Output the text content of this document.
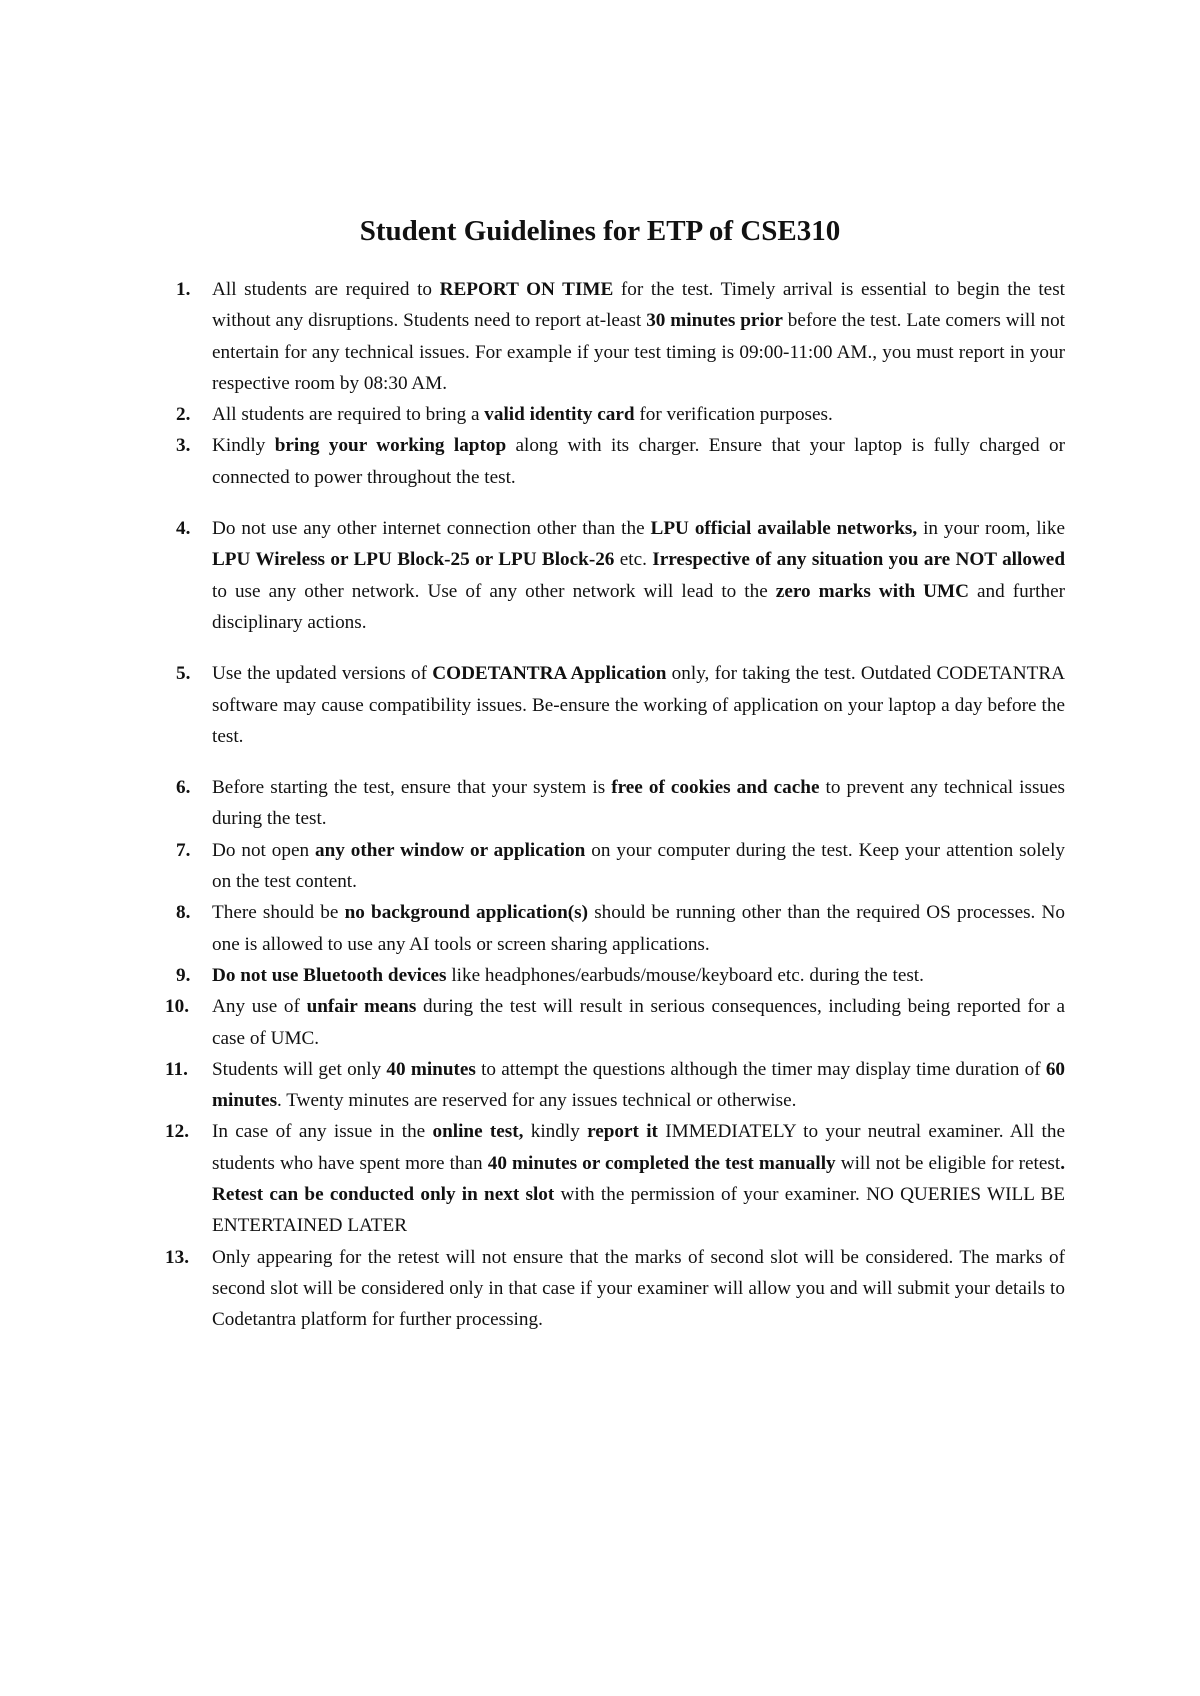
Student Guidelines for ETP of CSE310
1. All students are required to REPORT ON TIME for the test. Timely arrival is essential to begin the test without any disruptions. Students need to report at-least 30 minutes prior before the test. Late comers will not entertain for any technical issues. For example if your test timing is 09:00-11:00 AM., you must report in your respective room by 08:30 AM.
2. All students are required to bring a valid identity card for verification purposes.
3. Kindly bring your working laptop along with its charger. Ensure that your laptop is fully charged or connected to power throughout the test.
4. Do not use any other internet connection other than the LPU official available networks, in your room, like LPU Wireless or LPU Block-25 or LPU Block-26 etc. Irrespective of any situation you are NOT allowed to use any other network. Use of any other network will lead to the zero marks with UMC and further disciplinary actions.
5. Use the updated versions of CODETANTRA Application only, for taking the test. Outdated CODETANTRA software may cause compatibility issues. Be-ensure the working of application on your laptop a day before the test.
6. Before starting the test, ensure that your system is free of cookies and cache to prevent any technical issues during the test.
7. Do not open any other window or application on your computer during the test. Keep your attention solely on the test content.
8. There should be no background application(s) should be running other than the required OS processes. No one is allowed to use any AI tools or screen sharing applications.
9. Do not use Bluetooth devices like headphones/earbuds/mouse/keyboard etc. during the test.
10. Any use of unfair means during the test will result in serious consequences, including being reported for a case of UMC.
11. Students will get only 40 minutes to attempt the questions although the timer may display time duration of 60 minutes. Twenty minutes are reserved for any issues technical or otherwise.
12. In case of any issue in the online test, kindly report it IMMEDIATELY to your neutral examiner. All the students who have spent more than 40 minutes or completed the test manually will not be eligible for retest. Retest can be conducted only in next slot with the permission of your examiner. NO QUERIES WILL BE ENTERTAINED LATER
13. Only appearing for the retest will not ensure that the marks of second slot will be considered. The marks of second slot will be considered only in that case if your examiner will allow you and will submit your details to Codetantra platform for further processing.
